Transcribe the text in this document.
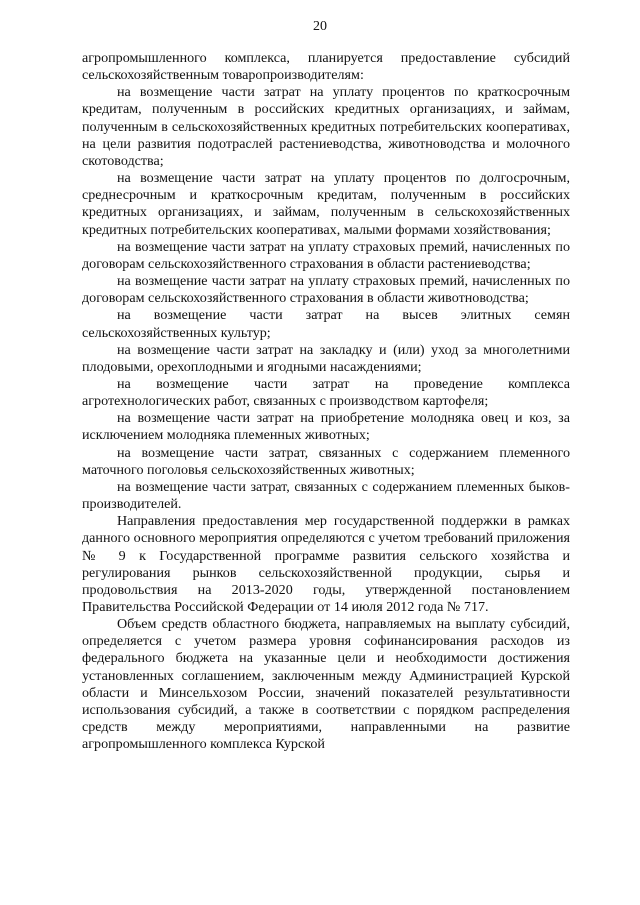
20

агропромышленного комплекса, планируется предоставление субсидий сельскохозяйственным товаропроизводителям:

на возмещение части затрат на уплату процентов по краткосрочным кредитам, полученным в российских кредитных организациях, и займам, полученным в сельскохозяйственных кредитных потребительских кооперативах, на цели развития подотраслей растениеводства, животноводства и молочного скотоводства;

на возмещение части затрат на уплату процентов по долгосрочным, среднесрочным и краткосрочным кредитам, полученным в российских кредитных организациях, и займам, полученным в сельскохозяйственных кредитных потребительских кооперативах, малыми формами хозяйствования;

на возмещение части затрат на уплату страховых премий, начисленных по договорам сельскохозяйственного страхования в области растениеводства;

на возмещение части затрат на уплату страховых премий, начисленных по договорам сельскохозяйственного страхования в области животноводства;

на возмещение части затрат на высев элитных семян сельскохозяйственных культур;

на возмещение части затрат на закладку и (или) уход за многолетними плодовыми, орехоплодными и ягодными насаждениями;

на возмещение части затрат на проведение комплекса агротехнологических работ, связанных с производством картофеля;

на возмещение части затрат на приобретение молодняка овец и коз, за исключением молодняка племенных животных;

на возмещение части затрат, связанных с содержанием племенного маточного поголовья сельскохозяйственных животных;

на возмещение части затрат, связанных с содержанием племенных быков-производителей.

Направления предоставления мер государственной поддержки в рамках данного основного мероприятия определяются с учетом требований приложения № 9 к Государственной программе развития сельского хозяйства и регулирования рынков сельскохозяйственной продукции, сырья и продовольствия на 2013-2020 годы, утвержденной постановлением Правительства Российской Федерации от 14 июля 2012 года № 717.

Объем средств областного бюджета, направляемых на выплату субсидий, определяется с учетом размера уровня софинансирования расходов из федерального бюджета на указанные цели и необходимости достижения установленных соглашением, заключенным между Администрацией Курской области и Минсельхозом России, значений показателей результативности использования субсидий, а также в соответствии с порядком распределения средств между мероприятиями, направленными на развитие агропромышленного комплекса Курской
